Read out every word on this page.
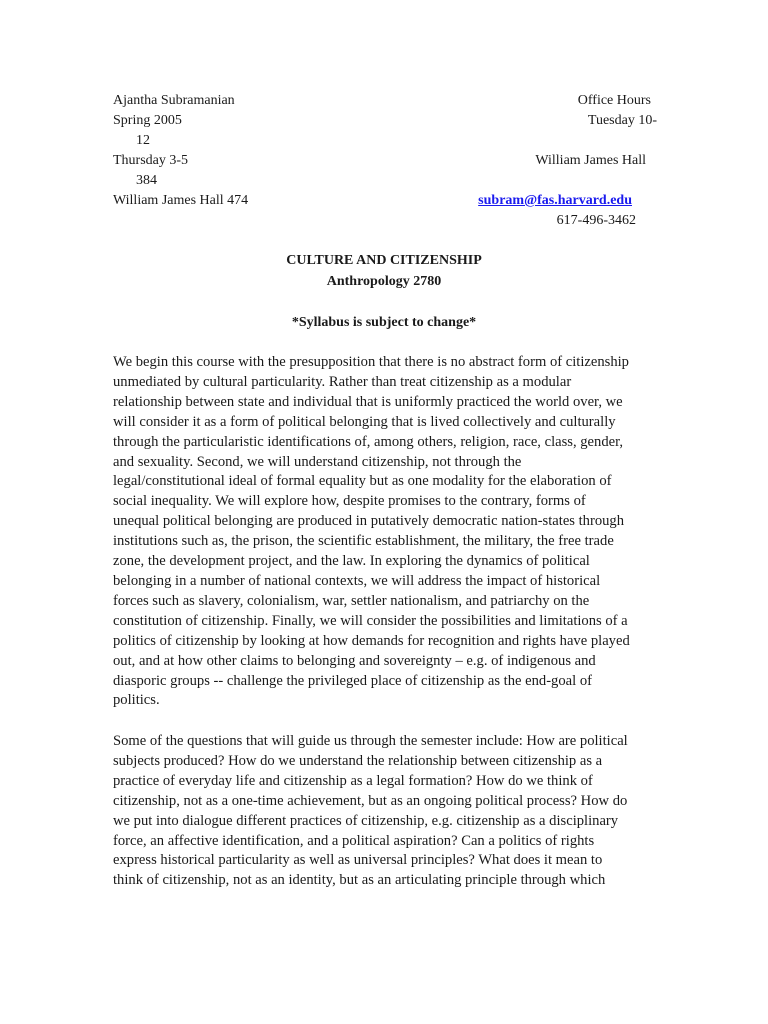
Ajantha Subramanian	Office Hours
Spring 2005	Tuesday 10-
12
Thursday 3-5	William James Hall
384
William James Hall 474	subram@fas.harvard.edu
617-496-3462
CULTURE AND CITIZENSHIP
Anthropology 2780
*Syllabus is subject to change*

We begin this course with the presupposition that there is no abstract form of citizenship
unmediated by cultural particularity. Rather than treat citizenship as a modular
relationship between state and individual that is uniformly practiced the world over, we
will consider it as a form of political belonging that is lived collectively and culturally
through the particularistic identifications of, among others, religion, race, class, gender,
and sexuality. Second, we will understand citizenship, not through the
legal/constitutional ideal of formal equality but as one modality for the elaboration of
social inequality. We will explore how, despite promises to the contrary, forms of
unequal political belonging are produced in putatively democratic nation-states through
institutions such as, the prison, the scientific establishment, the military, the free trade
zone, the development project, and the law. In exploring the dynamics of political
belonging in a number of national contexts, we will address the impact of historical
forces such as slavery, colonialism, war, settler nationalism, and patriarchy on the
constitution of citizenship. Finally, we will consider the possibilities and limitations of a
politics of citizenship by looking at how demands for recognition and rights have played
out, and at how other claims to belonging and sovereignty – e.g. of indigenous and
diasporic groups -- challenge the privileged place of citizenship as the end-goal of
politics.

Some of the questions that will guide us through the semester include: How are political
subjects produced? How do we understand the relationship between citizenship as a
practice of everyday life and citizenship as a legal formation? How do we think of
citizenship, not as a one-time achievement, but as an ongoing political process? How do
we put into dialogue different practices of citizenship, e.g. citizenship as a disciplinary
force, an affective identification, and a political aspiration? Can a politics of rights
express historical particularity as well as universal principles? What does it mean to
think of citizenship, not as an identity, but as an articulating principle through which
